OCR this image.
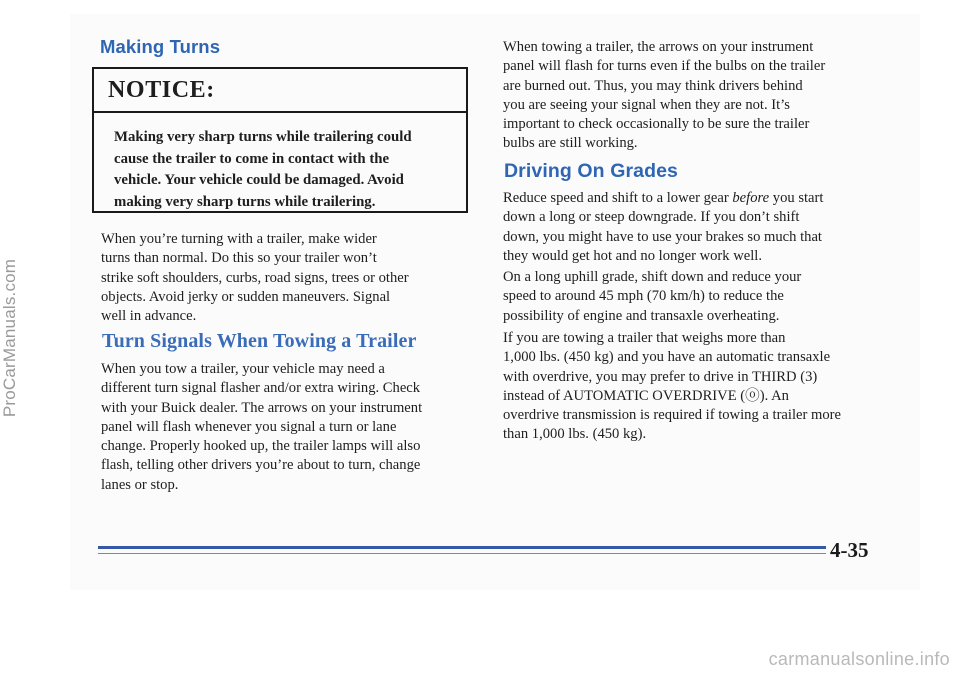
ProCarManuals.com
Making Turns
NOTICE:
Making very sharp turns while trailering could
cause the trailer to come in contact with the
vehicle. Your vehicle could be damaged. Avoid
making very sharp turns while trailering.

When you’re turning with a trailer, make wider
turns than normal. Do this so your trailer won’t
strike soft shoulders, curbs, road signs, trees or other
objects. Avoid jerky or sudden maneuvers. Signal
well in advance.

Turn Signals When Towing a Trailer

When you tow a trailer, your vehicle may need a
different turn signal flasher and/or extra wiring. Check
with your Buick dealer. The arrows on your instrument
panel will flash whenever you signal a turn or lane
change. Properly hooked up, the trailer lamps will also
flash, telling other drivers you’re about to turn, change
lanes or stop.

When towing a trailer, the arrows on your instrument
panel will flash for turns even if the bulbs on the trailer
are burned out. Thus, you may think drivers behind
you are seeing your signal when they are not. It’s
important to check occasionally to be sure the trailer
bulbs are still working.

Driving On Grades

Reduce speed and shift to a lower gear before you start
down a long or steep downgrade. If you don’t shift
down, you might have to use your brakes so much that
they would get hot and no longer work well.

On a long uphill grade, shift down and reduce your
speed to around 45 mph (70 km/h) to reduce the
possibility of engine and transaxle overheating.

If you are towing a trailer that weighs more than
1,000 lbs. (450 kg) and you have an automatic transaxle
with overdrive, you may prefer to drive in THIRD (3)
instead of AUTOMATIC OVERDRIVE (ⓞ). An
overdrive transmission is required if towing a trailer more
than 1,000 lbs. (450 kg).

4-35
carmanualsonline.info
